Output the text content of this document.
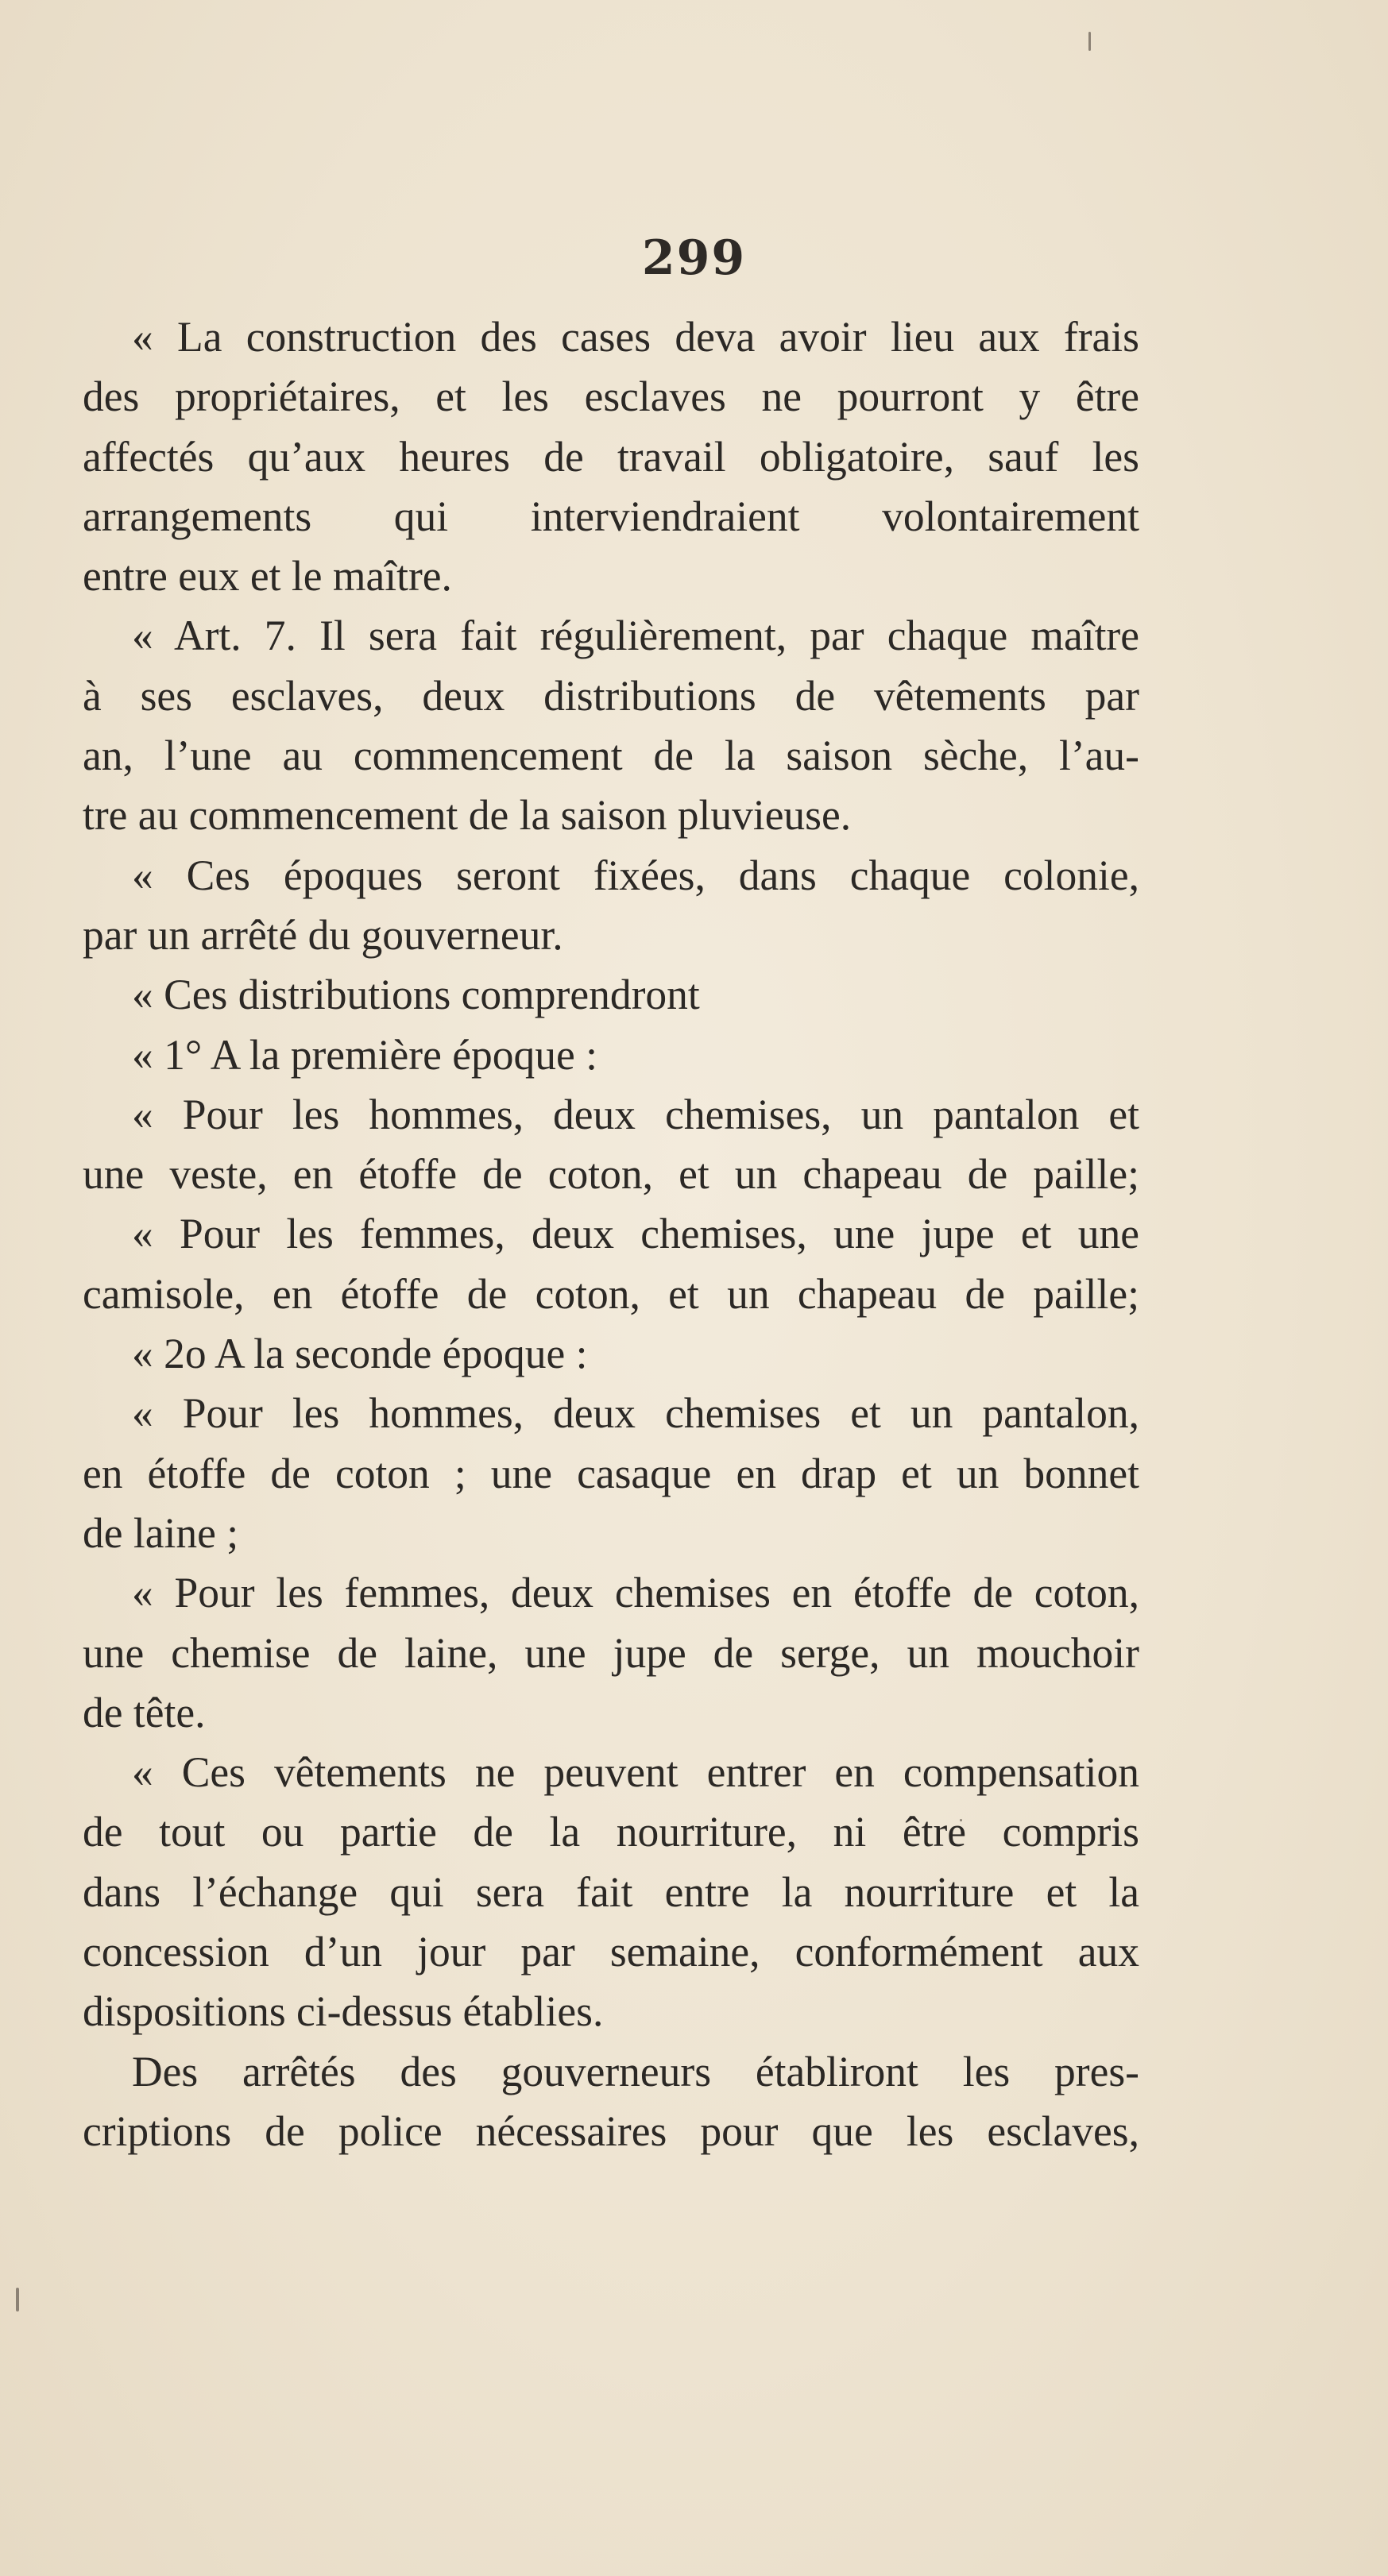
299
« La construction des cases deva avoir lieu aux frais
des propriétaires, et les esclaves ne pourront y être
affectés qu’aux heures de travail obligatoire, sauf les
arrangements qui interviendraient volontairement
entre eux et le maître.
« Art. 7. Il sera fait régulièrement, par chaque maître
à ses esclaves, deux distributions de vêtements par
an, l’une au commencement de la saison sèche, l’au-
tre au commencement de la saison pluvieuse.
« Ces époques seront fixées, dans chaque colonie,
par un arrêté du gouverneur.
« Ces distributions comprendront
« 1° A la première époque :
« Pour les hommes, deux chemises, un pantalon et
une veste, en étoffe de coton, et un chapeau de paille;
« Pour les femmes, deux chemises, une jupe et une
camisole, en étoffe de coton, et un chapeau de paille;
« 2o A la seconde époque :
« Pour les hommes, deux chemises et un pantalon,
en étoffe de coton ; une casaque en drap et un bonnet
de laine ;
« Pour les femmes, deux chemises en étoffe de coton,
une chemise de laine, une jupe de serge, un mouchoir
de tête.
« Ces vêtements ne peuvent entrer en compensation
de tout ou partie de la nourriture, ni être compris
dans l’échange qui sera fait entre la nourriture et la
concession d’un jour par semaine, conformément aux
dispositions ci-dessus établies.
Des arrêtés des gouverneurs établiront les pres-
criptions de police nécessaires pour que les esclaves,
